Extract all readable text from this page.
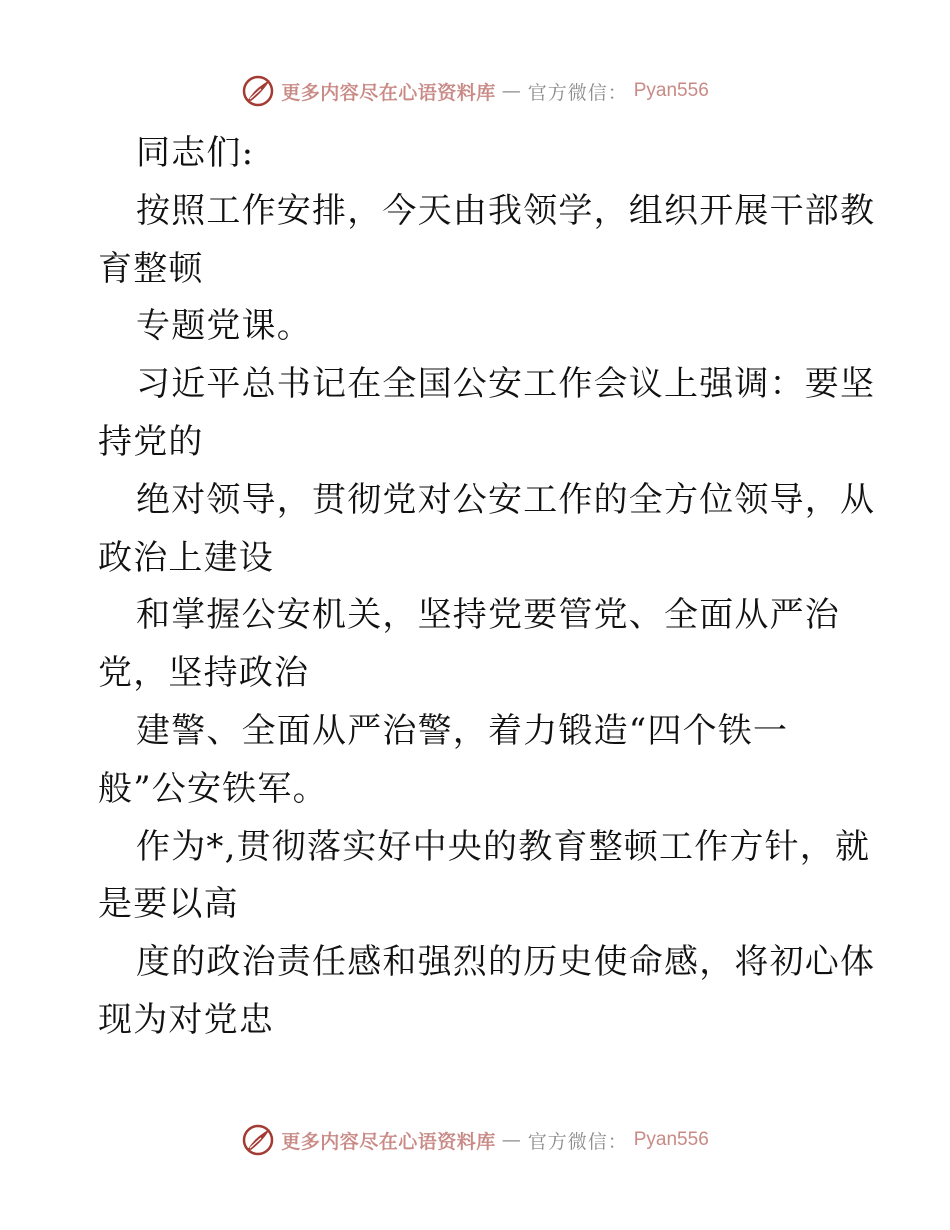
更多内容尽在心语资料库 — 官方微信： Pyan556
同志们:
按照工作安排，今天由我领学，组织开展干部教
育整顿
专题党课。
习近平总书记在全国公安工作会议上强调：要坚
持党的
绝对领导，贯彻党对公安工作的全方位领导，从
政治上建设
和掌握公安机关，坚持党要管党、全面从严治
党，坚持政治
建警、全面从严治警，着力锻造“四个铁一
般”公安铁军。
作为*,贯彻落实好中央的教育整顿工作方针，就
是要以高
度的政治责任感和强烈的历史使命感，将初心体
现为对党忠
更多内容尽在心语资料库 — 官方微信： Pyan556
